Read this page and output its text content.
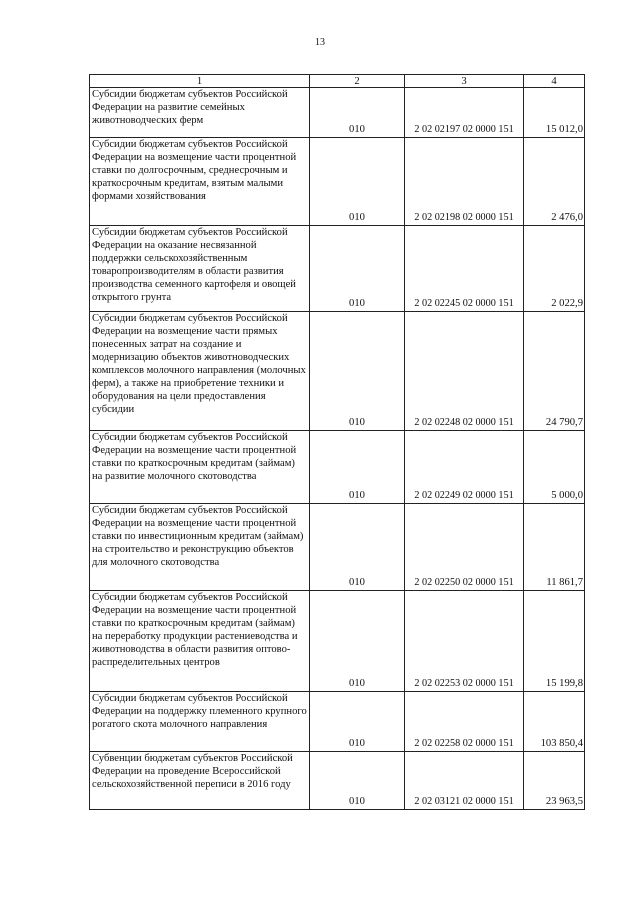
13
1	2	3	4
Субсидии бюджетам субъектов Российской Федерации на развитие семейных животноводческих ферм	010	2 02 02197 02 0000 151	15 012,0
Субсидии бюджетам субъектов Российской Федерации на возмещение части процентной ставки по долгосрочным, среднесрочным и краткосрочным кредитам, взятым малыми формами хозяйствования	010	2 02 02198 02 0000 151	2 476,0
Субсидии бюджетам субъектов Российской Федерации на оказание несвязанной поддержки сельскохозяйственным товаропроизводителям в области развития производства семенного картофеля и овощей открытого грунта	010	2 02 02245 02 0000 151	2 022,9
Субсидии бюджетам субъектов Российской Федерации на возмещение части прямых понесенных затрат на создание и модернизацию объектов животноводческих комплексов молочного направления (молочных ферм), а также на приобретение техники и оборудования на цели предоставления субсидии	010	2 02 02248 02 0000 151	24 790,7
Субсидии бюджетам субъектов Российской Федерации на возмещение части процентной ставки по краткосрочным кредитам (займам) на развитие молочного скотоводства	010	2 02 02249 02 0000 151	5 000,0
Субсидии бюджетам субъектов Российской Федерации на возмещение части процентной ставки по инвестиционным кредитам (займам) на строительство и реконструкцию объектов для молочного скотоводства	010	2 02 02250 02 0000 151	11 861,7
Субсидии бюджетам субъектов Российской Федерации на возмещение части процентной ставки по краткосрочным кредитам (займам) на переработку продукции растениеводства и животноводства в области развития оптово-распределительных центров	010	2 02 02253 02 0000 151	15 199,8
Субсидии бюджетам субъектов Российской Федерации на поддержку племенного крупного рогатого скота молочного направления	010	2 02 02258 02 0000 151	103 850,4
Субвенции бюджетам субъектов Российской Федерации на проведение Всероссийской сельскохозяйственной переписи в 2016 году	010	2 02 03121 02 0000 151	23 963,5
